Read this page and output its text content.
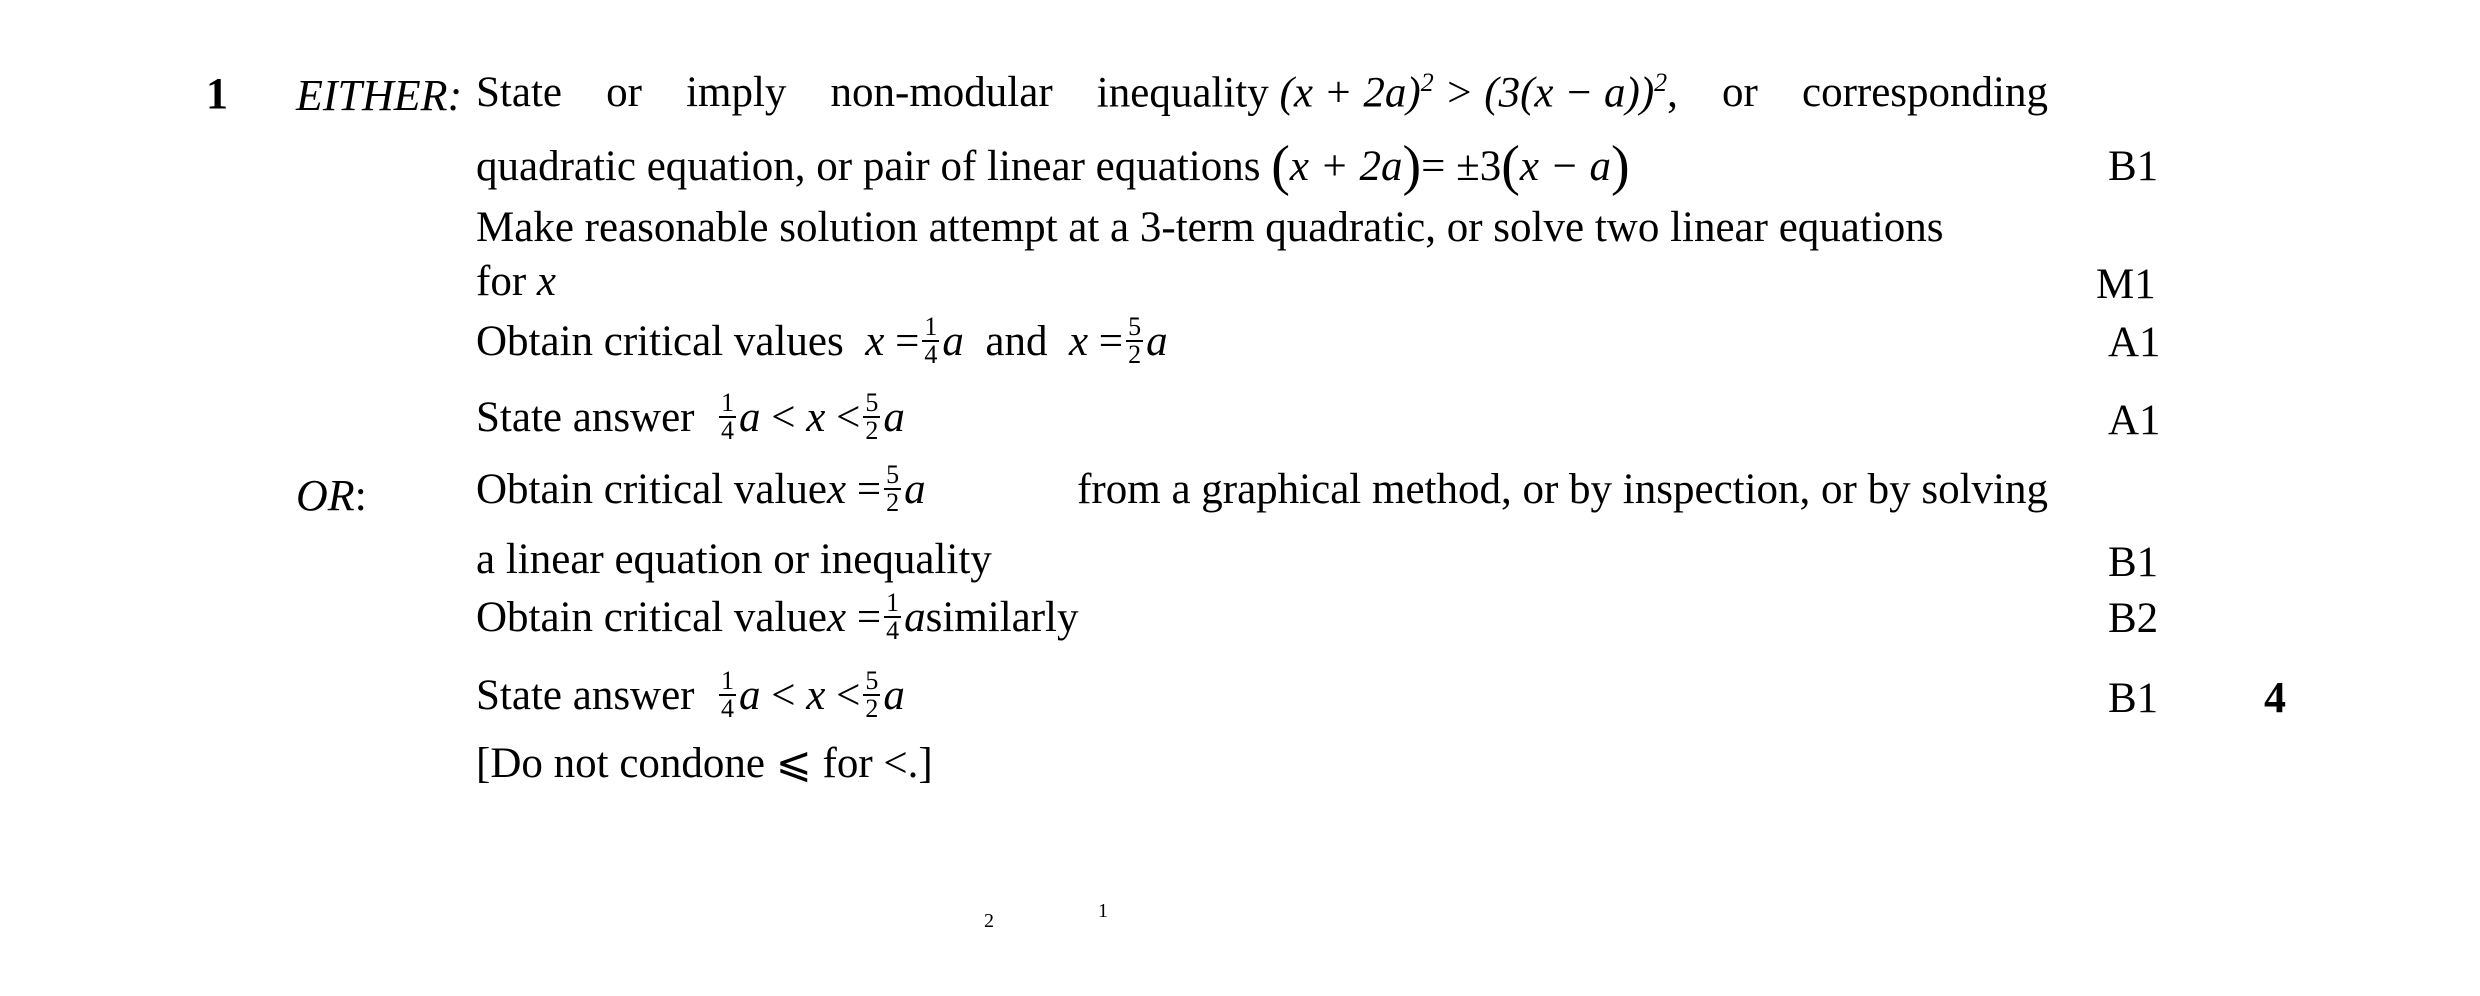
1 EITHER: State or imply non-modular inequality $(x + 2a)^2 > (3(x - a))^2$, or corresponding
quadratic equation, or pair of linear equations (x + 2a)= ±3(x − a)	B1
Make reasonable solution attempt at a 3-term quadratic, or solve two linear equations
for x	M1
Obtain critical values $x = \frac{1}{4}$ a and $x = \frac{5}{2}$ a	A1
State answer $\frac{1}{4}$ $a < x < \frac{5}{2}$ a	A1
OR:	Obtain critical valuex = $\frac{5}{2}$ a	from a graphical method, or by inspection, or by solving
a linear equation or inequality	B1
Obtain critical valuex = $\frac{1}{4}$ asimilarly	B2
State answer $\frac{1}{4}$ $a < x < \frac{5}{2}$ a	B1 4
[Do not condone ⩽ for <.]
2	1
